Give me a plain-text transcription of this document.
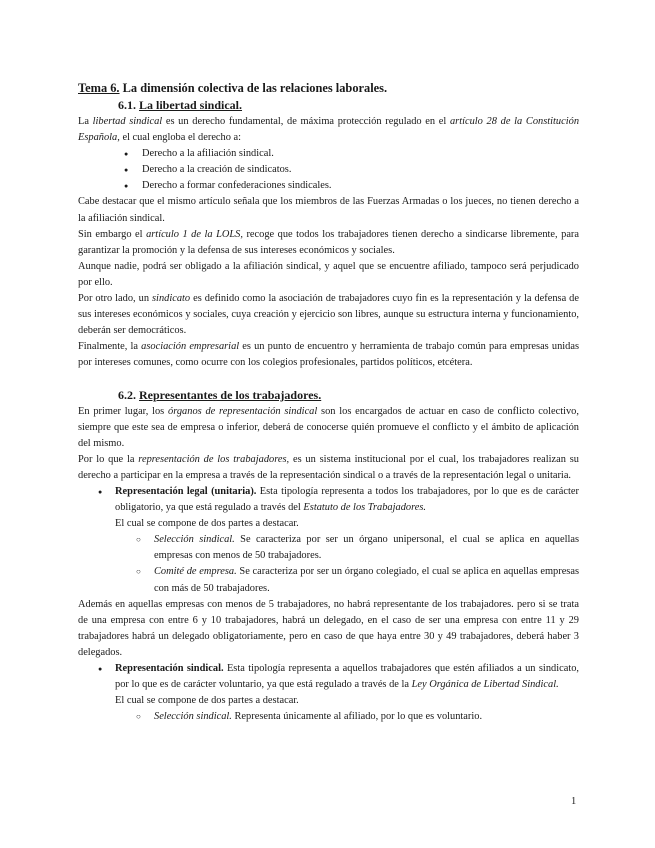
Tema 6. La dimensión colectiva de las relaciones laborales.

6.1. La libertad sindical.

La libertad sindical es un derecho fundamental, de máxima protección regulado en el artículo 28 de la Constitución Española, el cual engloba el derecho a:

● Derecho a la afiliación sindical.
● Derecho a la creación de sindicatos.
● Derecho a formar confederaciones sindicales.

Cabe destacar que el mismo artículo señala que los miembros de las Fuerzas Armadas o los jueces, no tienen derecho a la afiliación sindical.

Sin embargo el artículo 1 de la LOLS, recoge que todos los trabajadores tienen derecho a sindicarse libremente, para garantizar la promoción y la defensa de sus intereses económicos y sociales.

Aunque nadie, podrá ser obligado a la afiliación sindical, y aquel que se encuentre afiliado, tampoco será perjudicado por ello.

Por otro lado, un sindicato es definido como la asociación de trabajadores cuyo fin es la representación y la defensa de sus intereses económicos y sociales, cuya creación y ejercicio son libres, aunque su estructura interna y funcionamiento, deberán ser democráticos.

Finalmente, la asociación empresarial es un punto de encuentro y herramienta de trabajo común para empresas unidas por intereses comunes, como ocurre con los colegios profesionales, partidos políticos, etcétera.

6.2. Representantes de los trabajadores.

En primer lugar, los órganos de representación sindical son los encargados de actuar en caso de conflicto colectivo, siempre que este sea de empresa o inferior, deberá de conocerse quién promueve el conflicto y el ámbito de aplicación del mismo.

Por lo que la representación de los trabajadores, es un sistema institucional por el cual, los trabajadores realizan su derecho a participar en la empresa a través de la representación sindical o a través de la representación legal o unitaria.

● Representación legal (unitaria). Esta tipología representa a todos los trabajadores, por lo que es de carácter obligatorio, ya que está regulado a través del Estatuto de los Trabajadores.

El cual se compone de dos partes a destacar.

○ Selección sindical. Se caracteriza por ser un órgano unipersonal, el cual se aplica en aquellas empresas con menos de 50 trabajadores.
○ Comité de empresa. Se caracteriza por ser un órgano colegiado, el cual se aplica en aquellas empresas con más de 50 trabajadores.

Además en aquellas empresas con menos de 5 trabajadores, no habrá representante de los trabajadores. pero si se trata de una empresa con entre 6 y 10 trabajadores, habrá un delegado, en el caso de ser una empresa con entre 11 y 29 trabajadores habrá un delegado obligatoriamente, pero en caso de que haya entre 30 y 49 trabajadores, deberá haber 3 delegados.

● Representación sindical. Esta tipología representa a aquellos trabajadores que estén afiliados a un sindicato, por lo que es de carácter voluntario, ya que está regulado a través de la Ley Orgánica de Libertad Sindical.

El cual se compone de dos partes a destacar.

○ Selección sindical. Representa únicamente al afiliado, por lo que es voluntario.
1
